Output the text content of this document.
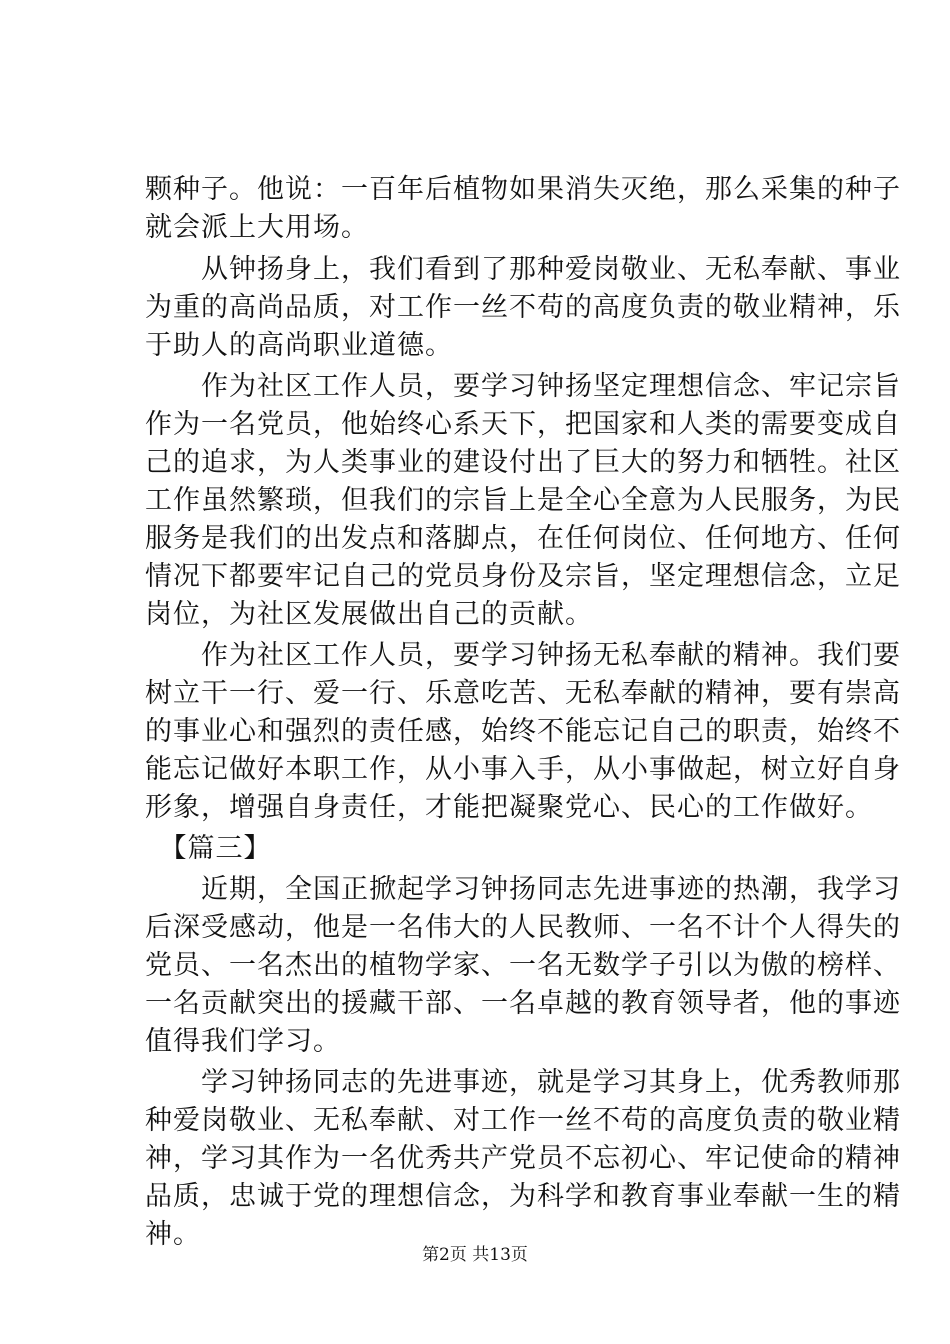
颗种子。他说：一百年后植物如果消失灭绝，那么采集的种子
就会派上大用场。
　　从钟扬身上，我们看到了那种爱岗敬业、无私奉献、事业
为重的高尚品质，对工作一丝不苟的高度负责的敬业精神，乐
于助人的高尚职业道德。
　　作为社区工作人员，要学习钟扬坚定理想信念、牢记宗旨
作为一名党员，他始终心系天下，把国家和人类的需要变成自
己的追求，为人类事业的建设付出了巨大的努力和牺牲。社区
工作虽然繁琐，但我们的宗旨上是全心全意为人民服务，为民
服务是我们的出发点和落脚点，在任何岗位、任何地方、任何
情况下都要牢记自己的党员身份及宗旨，坚定理想信念，立足
岗位，为社区发展做出自己的贡献。
　　作为社区工作人员，要学习钟扬无私奉献的精神。我们要
树立干一行、爱一行、乐意吃苦、无私奉献的精神，要有崇高
的事业心和强烈的责任感，始终不能忘记自己的职责，始终不
能忘记做好本职工作，从小事入手，从小事做起，树立好自身
形象，增强自身责任，才能把凝聚党心、民心的工作做好。
　【篇三】
　　近期，全国正掀起学习钟扬同志先进事迹的热潮，我学习
后深受感动，他是一名伟大的人民教师、一名不计个人得失的
党员、一名杰出的植物学家、一名无数学子引以为傲的榜样、
一名贡献突出的援藏干部、一名卓越的教育领导者，他的事迹
值得我们学习。
　　学习钟扬同志的先进事迹，就是学习其身上，优秀教师那
种爱岗敬业、无私奉献、对工作一丝不苟的高度负责的敬业精
神，学习其作为一名优秀共产党员不忘初心、牢记使命的精神
品质，忠诚于党的理想信念，为科学和教育事业奉献一生的精
神。
第2页 共13页
